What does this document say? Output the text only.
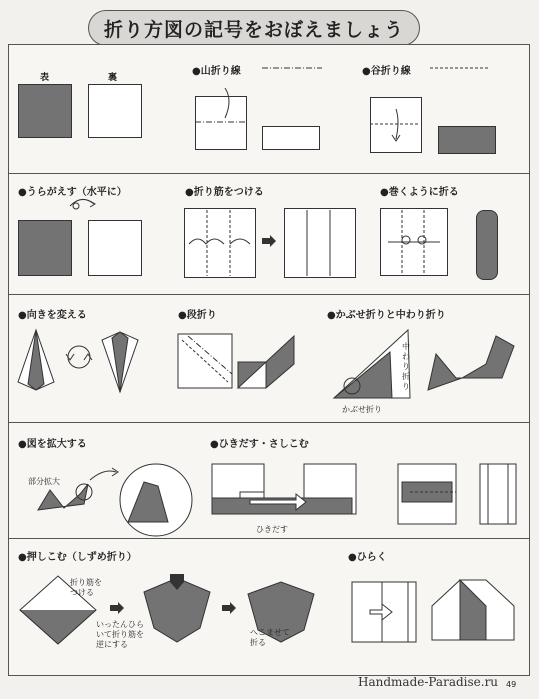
折り方図の記号をおぼえましょう
表	裏
●山折り線	●谷折り線
●うらがえす（水平に）	●折り筋をつける	●巻くように折る
●向きを変える	●段折り	●かぶせ折りと中わり折り
中わり折り
かぶせ折り
●図を拡大する
部分拡大
●ひきだす・さしこむ
ひきだす
●押しこむ（しずめ折り）
折り筋を
つける
いったんひら
いて折り筋を
逆にする
へこませて
折る
●ひらく
Handmade-Paradise.ru 49
